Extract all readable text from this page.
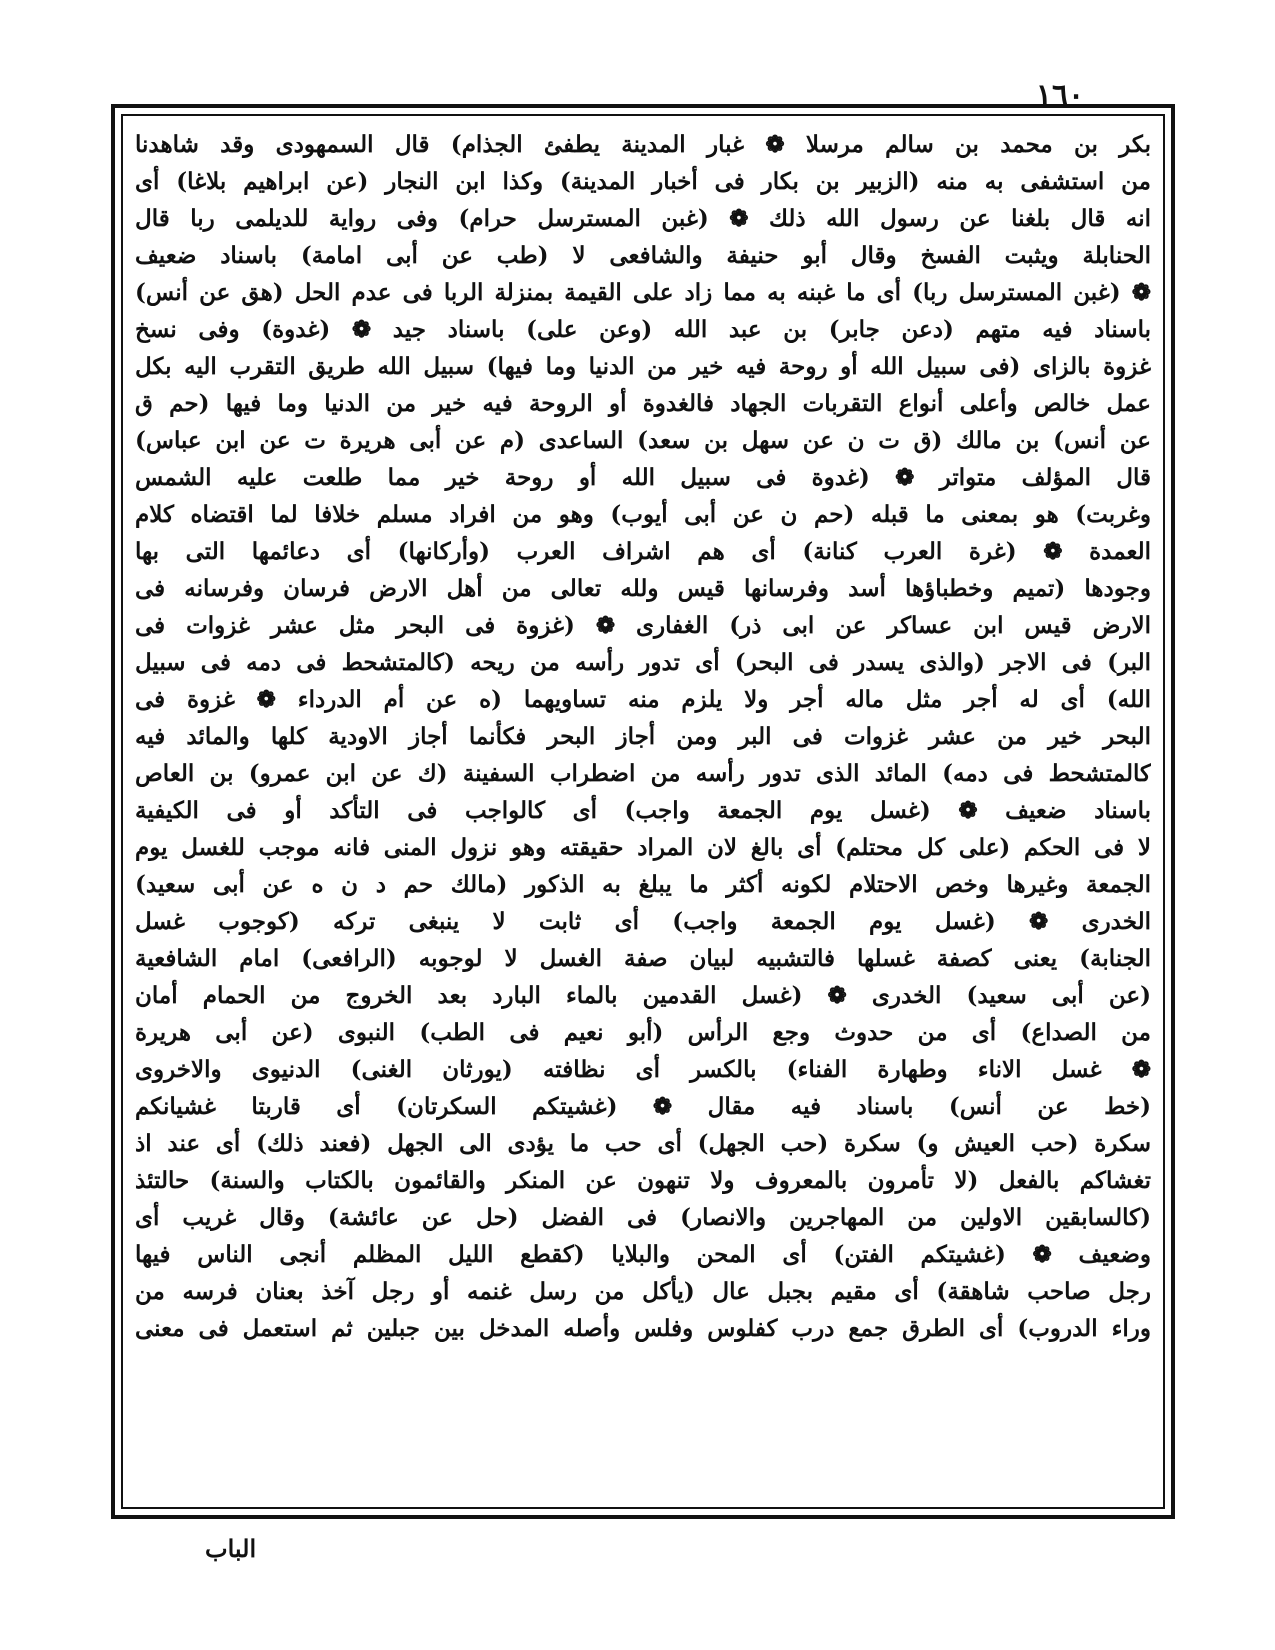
١٦٠
بكر بن محمد بن سالم مرسلا ❁ غبار المدينة يطفئ الجذام) قال السمهودى وقد شاهدنا
من استشفى به منه (الزبير بن بكار فى أخبار المدينة) وكذا ابن النجار (عن ابراهيم بلاغا) أى
انه قال بلغنا عن رسول الله ذلك ❁ (غبن المسترسل حرام) وفى رواية للديلمى ربا قال
الحنابلة ويثبت الفسخ وقال أبو حنيفة والشافعى لا (طب عن أبى امامة) باسناد ضعيف
❁ (غبن المسترسل ربا) أى ما غبنه به مما زاد على القيمة بمنزلة الربا فى عدم الحل (هق عن أنس)
باسناد فيه متهم (دعن جابر) بن عبد الله (وعن على) باسناد جيد ❁ (غدوة) وفى نسخ
غزوة بالزاى (فى سبيل الله أو روحة فيه خير من الدنيا وما فيها) سبيل الله طريق التقرب اليه بكل
عمل خالص وأعلى أنواع التقربات الجهاد فالغدوة أو الروحة فيه خير من الدنيا وما فيها (حم ق
عن أنس) بن مالك (ق ت ن عن سهل بن سعد) الساعدى (م عن أبى هريرة ت عن ابن عباس)
قال المؤلف متواتر ❁ (غدوة فى سبيل الله أو روحة خير مما طلعت عليه الشمس
وغربت) هو بمعنى ما قبله (حم ن عن أبى أيوب) وهو من افراد مسلم خلافا لما اقتضاه كلام
العمدة ❁ (غرة العرب كنانة) أى هم اشراف العرب (وأركانها) أى دعائمها التى بها
وجودها (تميم وخطباؤها أسد وفرسانها قيس ولله تعالى من أهل الارض فرسان وفرسانه فى
الارض قيس ابن عساكر عن ابى ذر) الغفارى ❁ (غزوة فى البحر مثل عشر غزوات فى
البر) فى الاجر (والذى يسدر فى البحر) أى تدور رأسه من ريحه (كالمتشحط فى دمه فى سبيل
الله) أى له أجر مثل ماله أجر ولا يلزم منه تساويهما (ه عن أم الدرداء ❁ غزوة فى
البحر خير من عشر غزوات فى البر ومن أجاز البحر فكأنما أجاز الاودية كلها والمائد فيه
كالمتشحط فى دمه) المائد الذى تدور رأسه من اضطراب السفينة (ك عن ابن عمرو) بن العاص
باسناد ضعيف ❁ (غسل يوم الجمعة واجب) أى كالواجب فى التأكد أو فى الكيفية
لا فى الحكم (على كل محتلم) أى بالغ لان المراد حقيقته وهو نزول المنى فانه موجب للغسل يوم
الجمعة وغيرها وخص الاحتلام لكونه أكثر ما يبلغ به الذكور (مالك حم د ن ه عن أبى سعيد)
الخدرى ❁ (غسل يوم الجمعة واجب) أى ثابت لا ينبغى تركه (كوجوب غسل
الجنابة) يعنى كصفة غسلها فالتشبيه لبيان صفة الغسل لا لوجوبه (الرافعى) امام الشافعية
(عن أبى سعيد) الخدرى ❁ (غسل القدمين بالماء البارد بعد الخروج من الحمام أمان
من الصداع) أى من حدوث وجع الرأس (أبو نعيم فى الطب) النبوى (عن أبى هريرة
❁ غسل الاناء وطهارة الفناء) بالكسر أى نظافته (يورثان الغنى) الدنيوى والاخروى
(خط عن أنس) باسناد فيه مقال ❁ (غشيتكم السكرتان) أى قاربتا غشيانكم
سكرة (حب العيش و) سكرة (حب الجهل) أى حب ما يؤدى الى الجهل (فعند ذلك) أى عند اذ
تغشاكم بالفعل (لا تأمرون بالمعروف ولا تنهون عن المنكر والقائمون بالكتاب والسنة) حالتئذ
(كالسابقين الاولين من المهاجرين والانصار) فى الفضل (حل عن عائشة) وقال غريب أى
وضعيف ❁ (غشيتكم الفتن) أى المحن والبلايا (كقطع الليل المظلم أنجى الناس فيها
رجل صاحب شاهقة) أى مقيم بجبل عال (يأكل من رسل غنمه أو رجل آخذ بعنان فرسه من
وراء الدروب) أى الطرق جمع درب كفلوس وفلس وأصله المدخل بين جبلين ثم استعمل فى معنى
الباب
